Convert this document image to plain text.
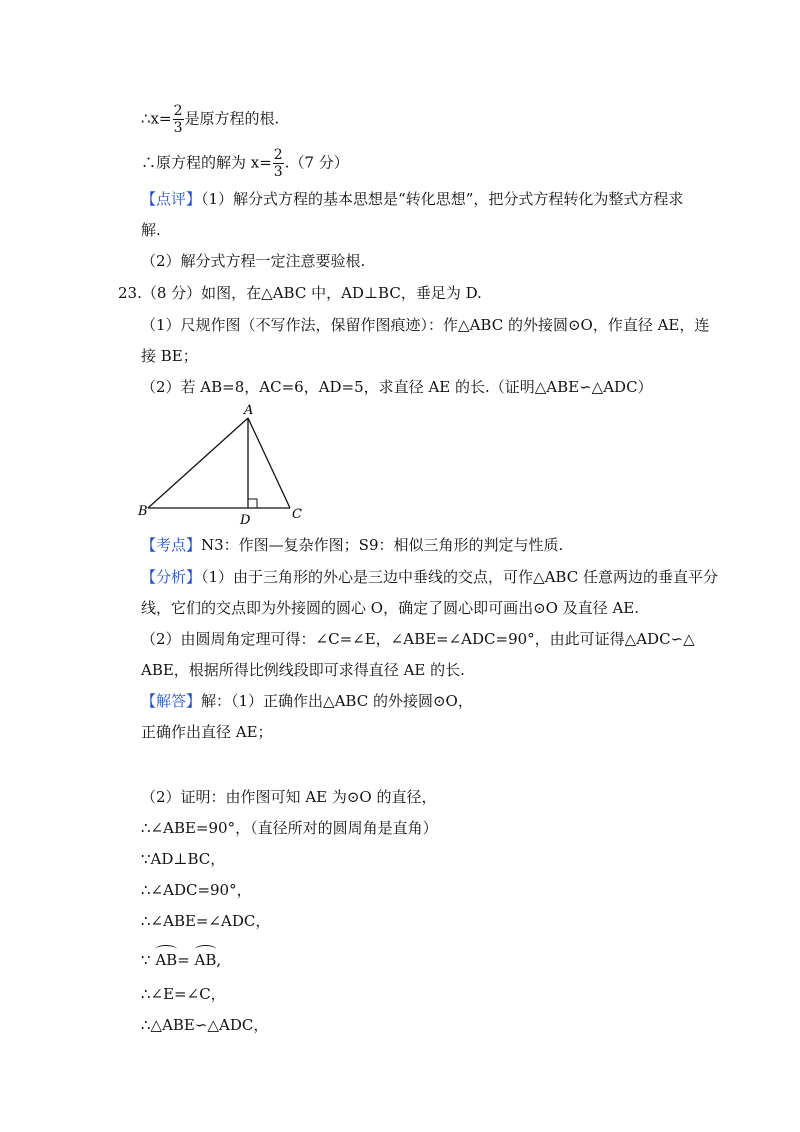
∴x= $\frac{2}{3}$ 是原方程的根.
∴原方程的解为 $x= \frac{2}{3} .(7$ 分）
【点评】（1）解分式方程的基本思想是“转化思想”，把分式方程转化为整式方程求
解.
（2）解分式方程一定注意要验根.
23.（8 分）如图，在△ABC 中，AD⊥BC，垂足为 D.
（1）尺规作图（不写作法，保留作图痕迹）：作△ABC 的外接圆⊙O，作直径 AE，连
接 BE；
（2）若 AB=8，AC=6，AD=5，求直径 AE 的长.（证明△ABE∽△ADC）
A
B	C
D
【考点】N3：作图—复杂作图；S9：相似三角形的判定与性质.
【分析】（1）由于三角形的外心是三边中垂线的交点，可作△ABC 任意两边的垂直平分
线，它们的交点即为外接圆的圆心 O，确定了圆心即可画出⊙O 及直径 AE.
（2）由圆周角定理可得：∠C=∠E，∠ABE=∠ADC=90°，由此可证得△ADC∽△
ABE，根据所得比例线段即可求得直径 AE 的长.
【解答】解：（1）正确作出△ABC 的外接圆⊙O，
正确作出直径 AE；
（2）证明：由作图可知 AE 为⊙O 的直径，
∴∠ABE=90°，（直径所对的圆周角是直角）
∵AD⊥BC，
∴∠ADC=90°，
∴∠ABE=∠ADC，
∵ AB= AB,
∴∠E=∠C，
∴△ABE∽△ADC，
